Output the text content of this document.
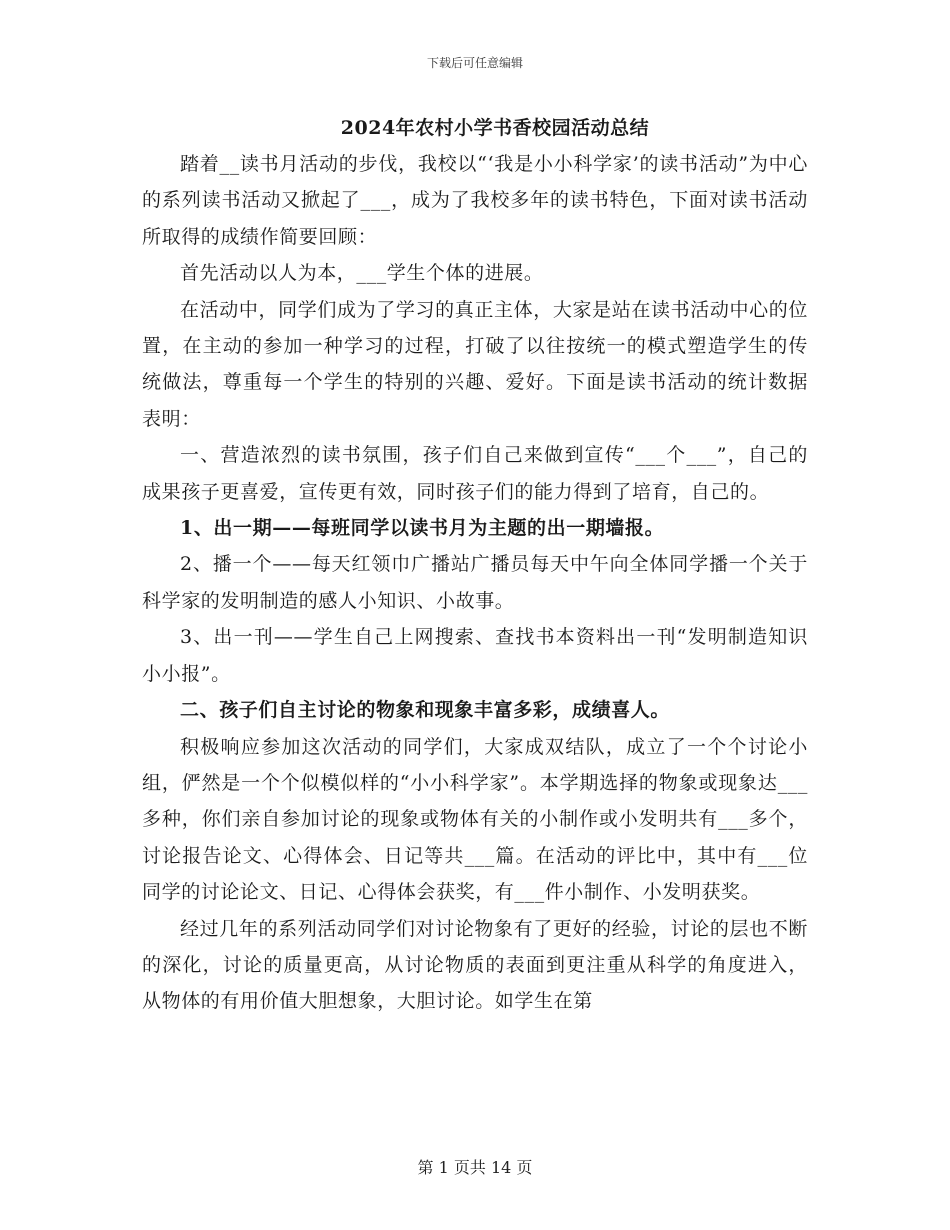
下载后可任意编辑
2024年农村小学书香校园活动总结

踏着__读书月活动的步伐，我校以“‘我是小小科学家’的读书活动”为中心的系列读书活动又掀起了___，成为了我校多年的读书特色，下面对读书活动所取得的成绩作简要回顾：

首先活动以人为本，___学生个体的进展。

在活动中，同学们成为了学习的真正主体，大家是站在读书活动中心的位置，在主动的参加一种学习的过程，打破了以往按统一的模式塑造学生的传统做法，尊重每一个学生的特别的兴趣、爱好。下面是读书活动的统计数据表明：

一、营造浓烈的读书氛围，孩子们自己来做到宣传“___个___”，自己的成果孩子更喜爱，宣传更有效，同时孩子们的能力得到了培育，自己的。

1、出一期——每班同学以读书月为主题的出一期墙报。

2、播一个——每天红领巾广播站广播员每天中午向全体同学播一个关于科学家的发明制造的感人小知识、小故事。

3、出一刊——学生自己上网搜索、查找书本资料出一刊“发明制造知识小小报”。

二、孩子们自主讨论的物象和现象丰富多彩，成绩喜人。

积极响应参加这次活动的同学们，大家成双结队，成立了一个个讨论小组，俨然是一个个似模似样的“小小科学家”。本学期选择的物象或现象达___多种，你们亲自参加讨论的现象或物体有关的小制作或小发明共有___多个，讨论报告论文、心得体会、日记等共___篇。在活动的评比中，其中有___位同学的讨论论文、日记、心得体会获奖，有___件小制作、小发明获奖。

经过几年的系列活动同学们对讨论物象有了更好的经验，讨论的层也不断的深化，讨论的质量更高，从讨论物质的表面到更注重从科学的角度进入，从物体的有用价值大胆想象，大胆讨论。如学生在第

第 1 页共 14 页
